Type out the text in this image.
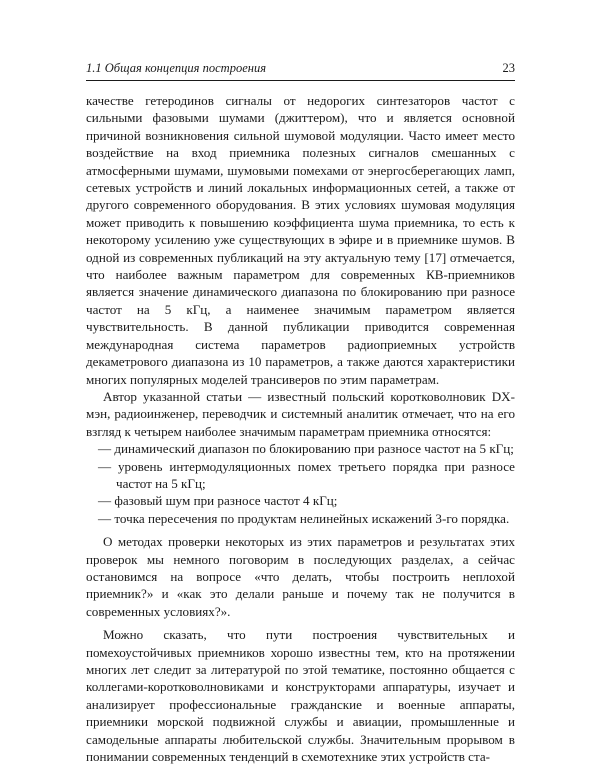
1.1 Общая концепция построения	23

качестве гетеродинов сигналы от недорогих синтезаторов частот с сильными фазовыми шумами (джиттером), что и является основной причиной возникновения сильной шумовой модуляции. Часто имеет место воздействие на вход приемника полезных сигналов смешанных с атмосферными шумами, шумовыми помехами от энергосберегающих ламп, сетевых устройств и линий локальных информационных сетей, а также от другого современного оборудования. В этих условиях шумовая модуляция может приводить к повышению коэффициента шума приемника, то есть к некоторому усилению уже существующих в эфире и в приемнике шумов. В одной из современных публикаций на эту актуальную тему [17] отмечается, что наиболее важным параметром для современных КВ-приемников является значение динамического диапазона по блокированию при разносе частот на 5 кГц, а наименее значимым параметром является чувствительность. В данной публикации приводится современная международная система параметров радиоприемных устройств декаметрового диапазона из 10 параметров, а также даются характеристики многих популярных моделей трансиверов по этим параметрам.

Автор указанной статьи — известный польский коротковолновик DX-мэн, радиоинженер, переводчик и системный аналитик отмечает, что на его взгляд к четырем наиболее значимым параметрам приемника относятся:

— динамический диапазон по блокированию при разносе частот на 5 кГц;
— уровень интермодуляционных помех третьего порядка при разносе частот на 5 кГц;
— фазовый шум при разносе частот 4 кГц;
— точка пересечения по продуктам нелинейных искажений 3-го порядка.

О методах проверки некоторых из этих параметров и результатах этих проверок мы немного поговорим в последующих разделах, а сейчас остановимся на вопросе «что делать, чтобы построить неплохой приемник?» и «как это делали раньше и почему так не получится в современных условиях?».

Можно сказать, что пути построения чувствительных и помехоустойчивых приемников хорошо известны тем, кто на протяжении многих лет следит за литературой по этой тематике, постоянно общается с коллегами-коротковолновиками и конструкторами аппаратуры, изучает и анализирует профессиональные гражданские и военные аппараты, приемники морской подвижной службы и авиации, промышленные и самодельные аппараты любительской службы. Значительным прорывом в понимании современных тенденций в схемотехнике этих устройств ста-
